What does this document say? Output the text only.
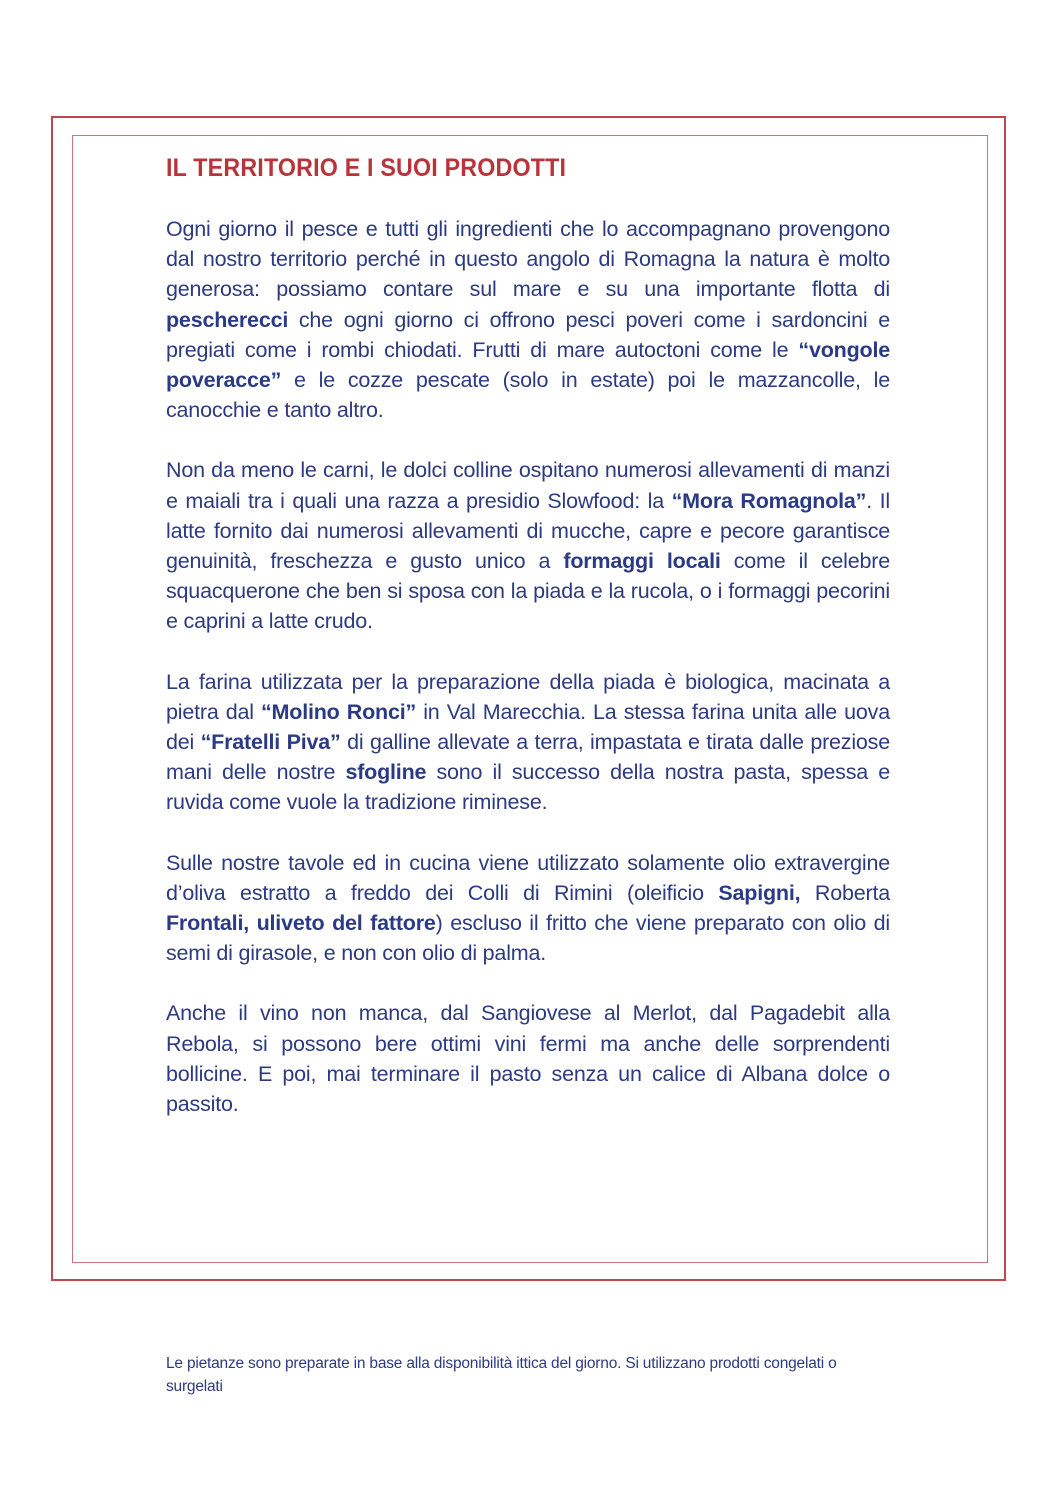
IL TERRITORIO E I SUOI PRODOTTI

Ogni giorno il pesce e tutti gli ingredienti che lo accompagnano provengono dal nostro territorio perché in questo angolo di Romagna la natura è molto generosa: possiamo contare sul mare e su una importante flotta di pescherecci che ogni giorno ci offrono pesci poveri come i sardoncini e pregiati come i rombi chiodati. Frutti di mare autoctoni come le “vongole poveracce” e le cozze pescate (solo in estate) poi le mazzancolle, le canocchie e tanto altro.

Non da meno le carni, le dolci colline ospitano numerosi allevamenti di manzi e maiali tra i quali una razza a presidio Slowfood: la “Mora Romagnola”. Il latte fornito dai numerosi allevamenti di mucche, capre e pecore garantisce genuinità, freschezza e gusto unico a formaggi locali come il celebre squacquerone che ben si sposa con la piada e la rucola, o i formaggi pecorini e caprini a latte crudo.

La farina utilizzata per la preparazione della piada è biologica, macinata a pietra dal “Molino Ronci” in Val Marecchia. La stessa farina unita alle uova dei “Fratelli Piva” di galline allevate a terra, impastata e tirata dalle preziose mani delle nostre sfogline sono il successo della nostra pasta, spessa e ruvida come vuole la tradizione riminese.

Sulle nostre tavole ed in cucina viene utilizzato solamente olio extravergine d’oliva estratto a freddo dei Colli di Rimini (oleificio Sapigni, Roberta Frontali, uliveto del fattore) escluso il fritto che viene preparato con olio di semi di girasole, e non con olio di palma.

Anche il vino non manca, dal Sangiovese al Merlot, dal Pagadebit alla Rebola, si possono bere ottimi vini fermi ma anche delle sorprendenti bollicine. E poi, mai terminare il pasto senza un calice di Albana dolce o passito.

Le pietanze sono preparate in base alla disponibilità ittica del giorno. Si utilizzano prodotti congelati o surgelati
